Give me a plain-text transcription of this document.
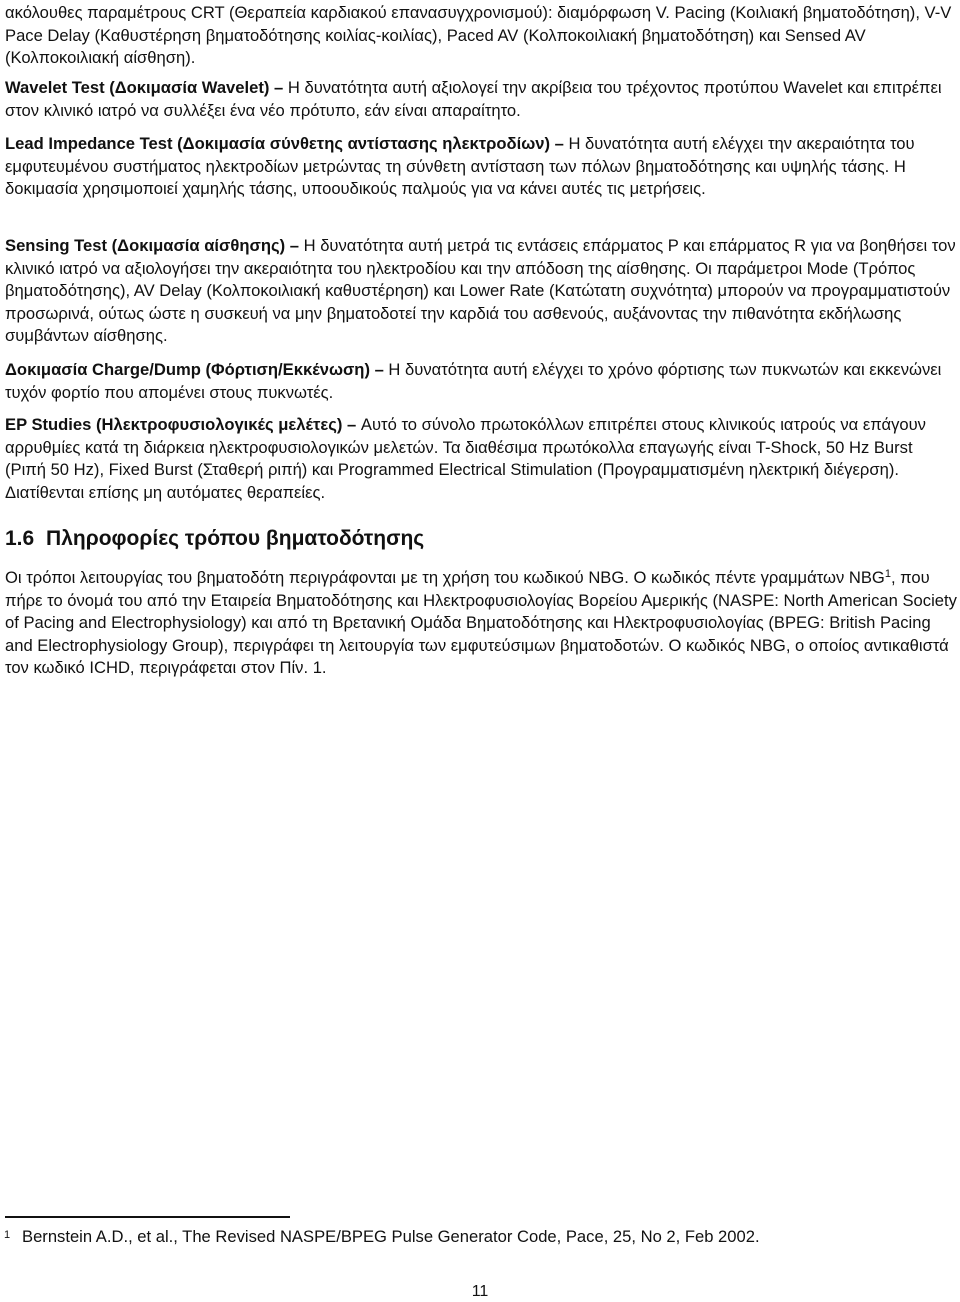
ακόλουθες παραμέτρους CRT (Θεραπεία καρδιακού επανασυγχρονισμού): διαμόρφωση V. Pacing (Κοιλιακή βηματοδότηση), V-V Pace Delay (Καθυστέρηση βηματοδότησης κοιλίας-κοιλίας), Paced AV (Κολποκοιλιακή βηματοδότηση) και Sensed AV (Κολποκοιλιακή αίσθηση).

Wavelet Test (Δοκιμασία Wavelet) – Η δυνατότητα αυτή αξιολογεί την ακρίβεια του τρέχοντος προτύπου Wavelet και επιτρέπει στον κλινικό ιατρό να συλλέξει ένα νέο πρότυπο, εάν είναι απαραίτητο.

Lead Impedance Test (Δοκιμασία σύνθετης αντίστασης ηλεκτροδίων) – Η δυνατότητα αυτή ελέγχει την ακεραιότητα του εμφυτευμένου συστήματος ηλεκτροδίων μετρώντας τη σύνθετη αντίσταση των πόλων βηματοδότησης και υψηλής τάσης. Η δοκιμασία χρησιμοποιεί χαμηλής τάσης, υποουδικούς παλμούς για να κάνει αυτές τις μετρήσεις.

Sensing Test (Δοκιμασία αίσθησης) – Η δυνατότητα αυτή μετρά τις εντάσεις επάρματος P και επάρματος R για να βοηθήσει τον κλινικό ιατρό να αξιολογήσει την ακεραιότητα του ηλεκτροδίου και την απόδοση της αίσθησης. Οι παράμετροι Mode (Τρόπος βηματοδότησης), AV Delay (Κολποκοιλιακή καθυστέρηση) και Lower Rate (Κατώτατη συχνότητα) μπορούν να προγραμματιστούν προσωρινά, ούτως ώστε η συσκευή να μην βηματοδοτεί την καρδιά του ασθενούς, αυξάνοντας την πιθανότητα εκδήλωσης συμβάντων αίσθησης.

Δοκιμασία Charge/Dump (Φόρτιση/Εκκένωση) – Η δυνατότητα αυτή ελέγχει το χρόνο φόρτισης των πυκνωτών και εκκενώνει τυχόν φορτίο που απομένει στους πυκνωτές.

EP Studies (Ηλεκτροφυσιολογικές μελέτες) – Αυτό το σύνολο πρωτοκόλλων επιτρέπει στους κλινικούς ιατρούς να επάγουν αρρυθμίες κατά τη διάρκεια ηλεκτροφυσιολογικών μελετών. Τα διαθέσιμα πρωτόκολλα επαγωγής είναι T-Shock, 50 Hz Burst (Ριπή 50 Hz), Fixed Burst (Σταθερή ριπή) και Programmed Electrical Stimulation (Προγραμματισμένη ηλεκτρική διέγερση). Διατίθενται επίσης μη αυτόματες θεραπείες.

1.6 Πληροφορίες τρόπου βηματοδότησης

Οι τρόποι λειτουργίας του βηματοδότη περιγράφονται με τη χρήση του κωδικού NBG. Ο κωδικός πέντε γραμμάτων NBG$^1$, που πήρε το όνομά του από την Εταιρεία Βηματοδότησης και Ηλεκτροφυσιολογίας Βορείου Αμερικής (NASPE: North American Society of Pacing and Electrophysiology) και από τη Βρετανική Ομάδα Βηματοδότησης και Ηλεκτροφυσιολογίας (BPEG: British Pacing and Electrophysiology Group), περιγράφει τη λειτουργία των εμφυτεύσιμων βηματοδοτών. Ο κωδικός NBG, ο οποίος αντικαθιστά τον κωδικό ICHD, περιγράφεται στον Πίν. 1.

1 Bernstein A.D., et al., The Revised NASPE/BPEG Pulse Generator Code, Pace, 25, No 2, Feb 2002.

11
